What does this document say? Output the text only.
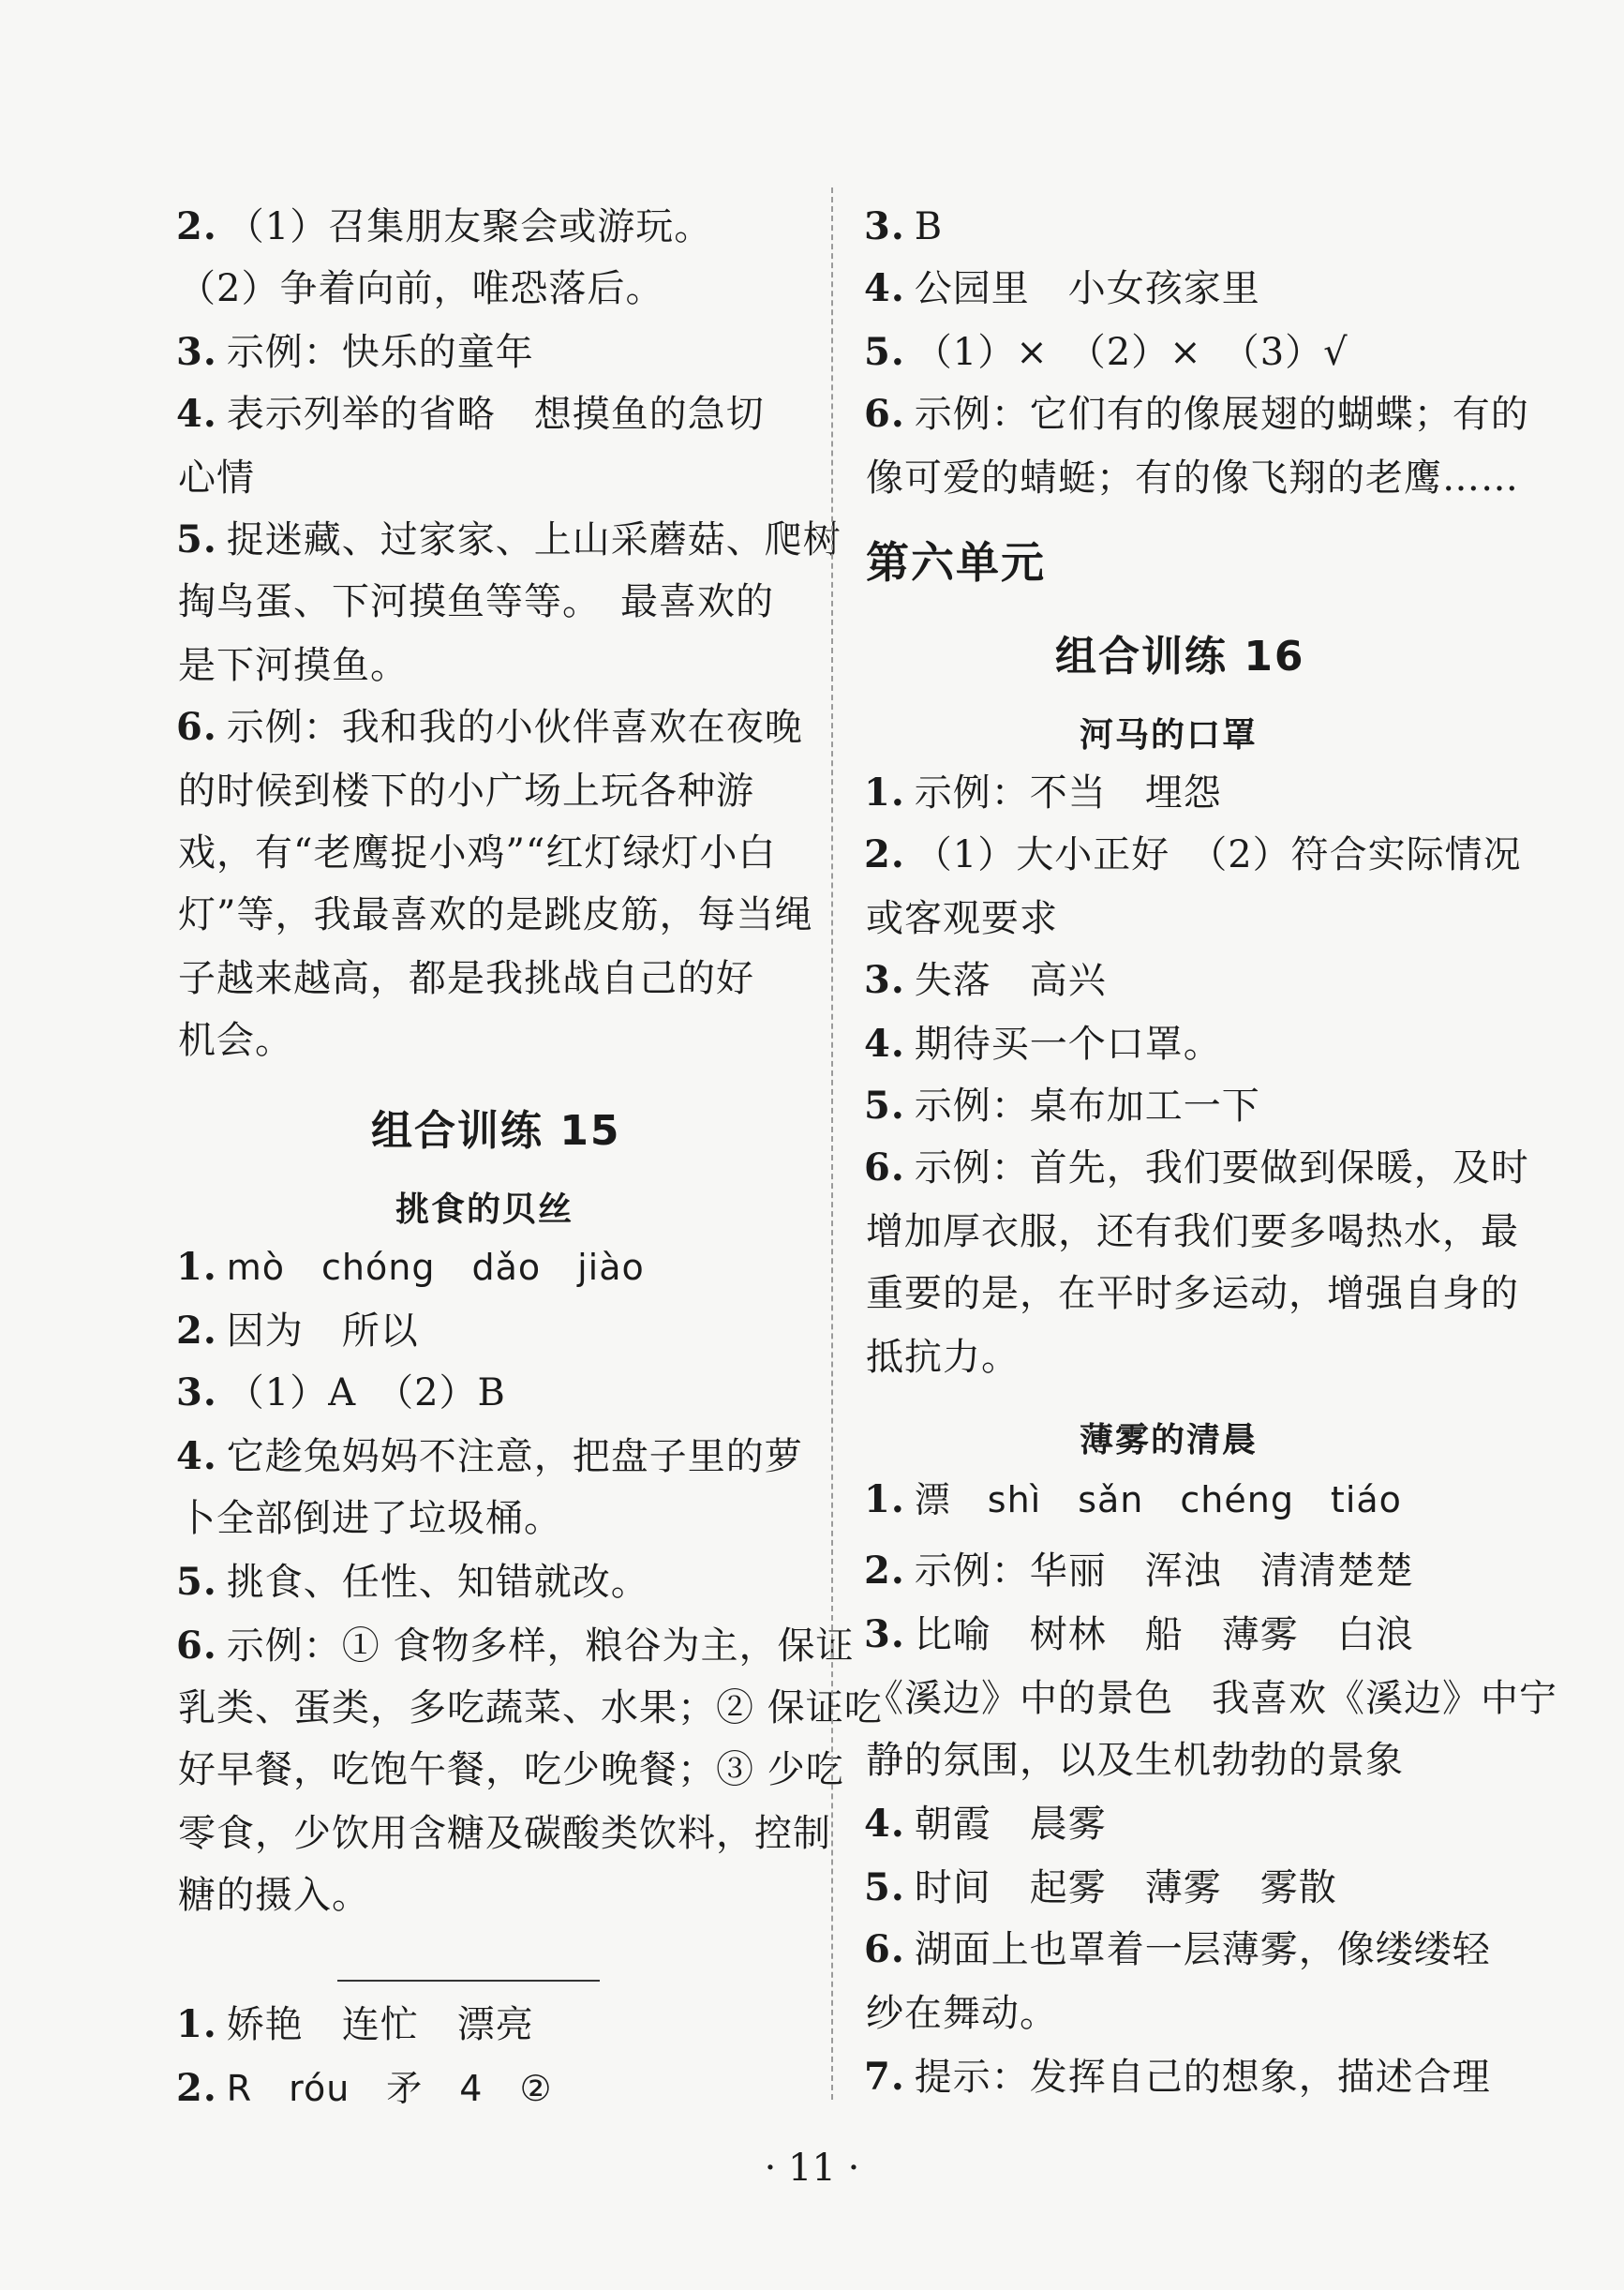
2. （1）召集朋友聚会或游玩。
（2）争着向前，唯恐落后。
3. 示例：快乐的童年
4. 表示列举的省略　想摸鱼的急切
心情
5. 捉迷藏、过家家、上山采蘑菇、爬树
掏鸟蛋、下河摸鱼等等。　最喜欢的
是下河摸鱼。
6. 示例：我和我的小伙伴喜欢在夜晚
的时候到楼下的小广场上玩各种游
戏，有“老鹰捉小鸡”“红灯绿灯小白
灯”等，我最喜欢的是跳皮筋，每当绳
子越来越高，都是我挑战自己的好
机会。
组合训练 15
挑食的贝丝
1. mò　chóng　dǎo　jiào
2. 因为　所以
3. （1）A　（2）B
4. 它趁兔妈妈不注意，把盘子里的萝
卜全部倒进了垃圾桶。
5. 挑食、任性、知错就改。
6. 示例：① 食物多样，粮谷为主，保证
乳类、蛋类，多吃蔬菜、水果；② 保证吃
好早餐，吃饱午餐，吃少晚餐；③ 少吃
零食，少饮用含糖及碳酸类饮料，控制
糖的摄入。
1. 娇艳　连忙　漂亮
2. R　róu　矛　4　②
3. B
4. 公园里　小女孩家里
5. （1）×　（2）×　（3）√
6. 示例：它们有的像展翅的蝴蝶；有的
像可爱的蜻蜓；有的像飞翔的老鹰……
第六单元
组合训练 16
河马的口罩
1. 示例：不当　埋怨
2. （1）大小正好　（2）符合实际情况
或客观要求
3. 失落　高兴
4. 期待买一个口罩。
5. 示例：桌布加工一下
6. 示例：首先，我们要做到保暖，及时
增加厚衣服，还有我们要多喝热水，最
重要的是，在平时多运动，增强自身的
抵抗力。
薄雾的清晨
1. 漂　shì　sǎn　chéng　tiáo
2. 示例：华丽　浑浊　清清楚楚
3. 比喻　树林　船　薄雾　白浪
《溪边》中的景色　我喜欢《溪边》中宁
静的氛围，以及生机勃勃的景象
4. 朝霞　晨雾
5. 时间　起雾　薄雾　雾散
6. 湖面上也罩着一层薄雾，像缕缕轻
纱在舞动。
7. 提示：发挥自己的想象，描述合理
· 11 ·
